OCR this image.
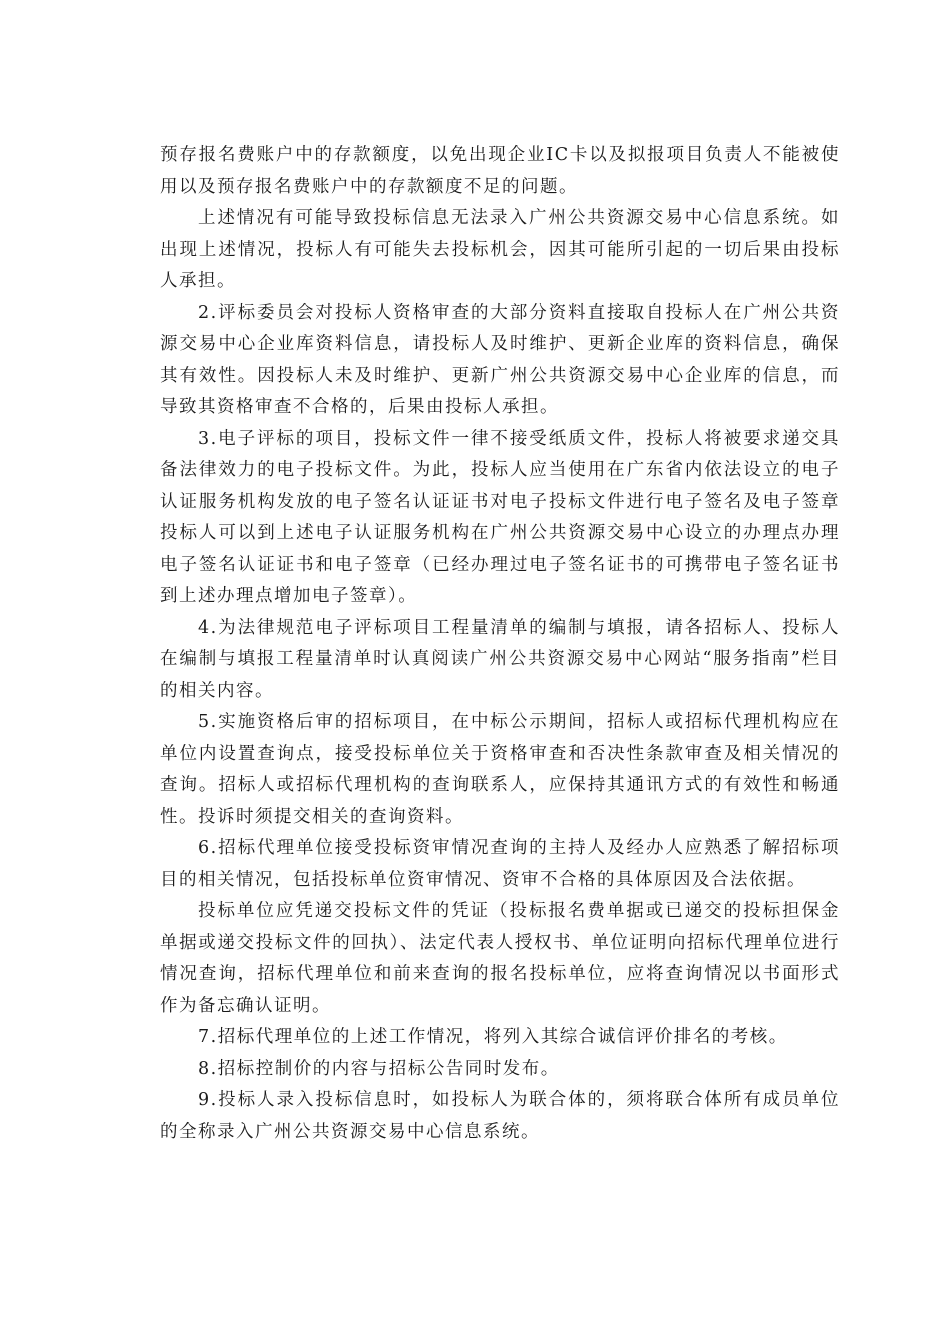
预存报名费账户中的存款额度，以免出现企业IC卡以及拟报项目负责人不能被使用以及预存报名费账户中的存款额度不足的问题。

上述情况有可能导致投标信息无法录入广州公共资源交易中心信息系统。如出现上述情况，投标人有可能失去投标机会，因其可能所引起的一切后果由投标人承担。

2.评标委员会对投标人资格审查的大部分资料直接取自投标人在广州公共资源交易中心企业库资料信息，请投标人及时维护、更新企业库的资料信息，确保其有效性。因投标人未及时维护、更新广州公共资源交易中心企业库的信息，而导致其资格审查不合格的，后果由投标人承担。

3.电子评标的项目，投标文件一律不接受纸质文件，投标人将被要求递交具备法律效力的电子投标文件。为此，投标人应当使用在广东省内依法设立的电子认证服务机构发放的电子签名认证证书对电子投标文件进行电子签名及电子签章投标人可以到上述电子认证服务机构在广州公共资源交易中心设立的办理点办理电子签名认证证书和电子签章（已经办理过电子签名证书的可携带电子签名证书到上述办理点增加电子签章）。

4.为法律规范电子评标项目工程量清单的编制与填报，请各招标人、投标人在编制与填报工程量清单时认真阅读广州公共资源交易中心网站“服务指南”栏目的相关内容。

5.实施资格后审的招标项目，在中标公示期间，招标人或招标代理机构应在单位内设置查询点，接受投标单位关于资格审查和否决性条款审查及相关情况的查询。招标人或招标代理机构的查询联系人，应保持其通讯方式的有效性和畅通性。投诉时须提交相关的查询资料。

6.招标代理单位接受投标资审情况查询的主持人及经办人应熟悉了解招标项目的相关情况，包括投标单位资审情况、资审不合格的具体原因及合法依据。

投标单位应凭递交投标文件的凭证（投标报名费单据或已递交的投标担保金单据或递交投标文件的回执）、法定代表人授权书、单位证明向招标代理单位进行情况查询，招标代理单位和前来查询的报名投标单位，应将查询情况以书面形式作为备忘确认证明。

7.招标代理单位的上述工作情况，将列入其综合诚信评价排名的考核。

8.招标控制价的内容与招标公告同时发布。

9.投标人录入投标信息时，如投标人为联合体的，须将联合体所有成员单位的全称录入广州公共资源交易中心信息系统。
